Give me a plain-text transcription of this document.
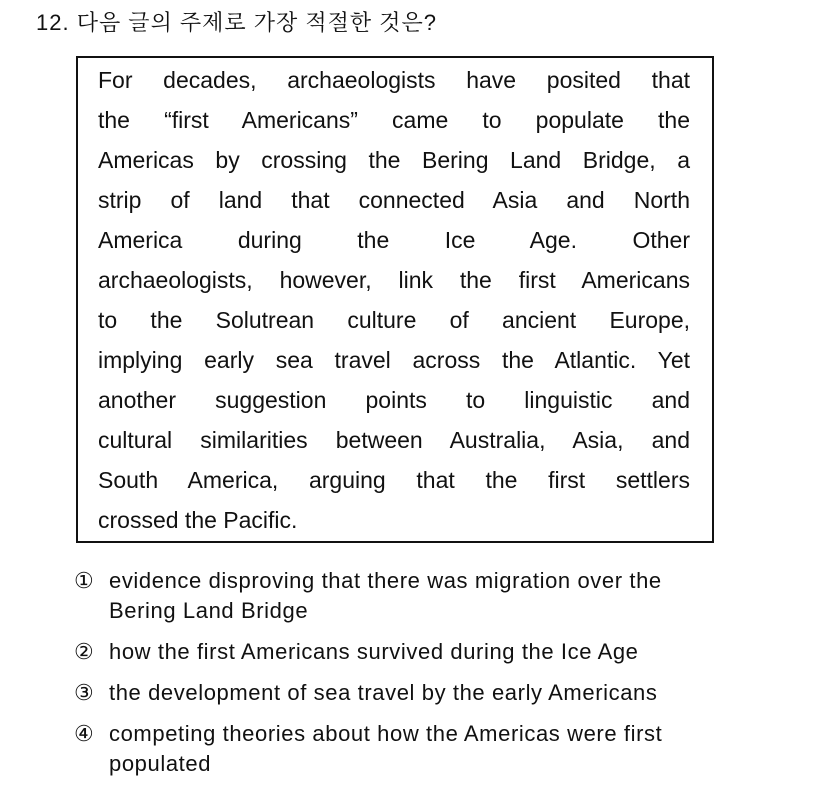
12. 다음 글의 주제로 가장 적절한 것은?
For decades, archaeologists have posited that
the “first Americans” came to populate the
Americas by crossing the Bering Land Bridge, a
strip of land that connected Asia and North
America during the Ice Age. Other
archaeologists, however, link the first Americans
to the Solutrean culture of ancient Europe,
implying early sea travel across the Atlantic. Yet
another suggestion points to linguistic and
cultural similarities between Australia, Asia, and
South America, arguing that the first settlers
crossed the Pacific.
① evidence disproving that there was migration over the Bering Land Bridge
② how the first Americans survived during the Ice Age
③ the development of sea travel by the early Americans
④ competing theories about how the Americas were first populated
